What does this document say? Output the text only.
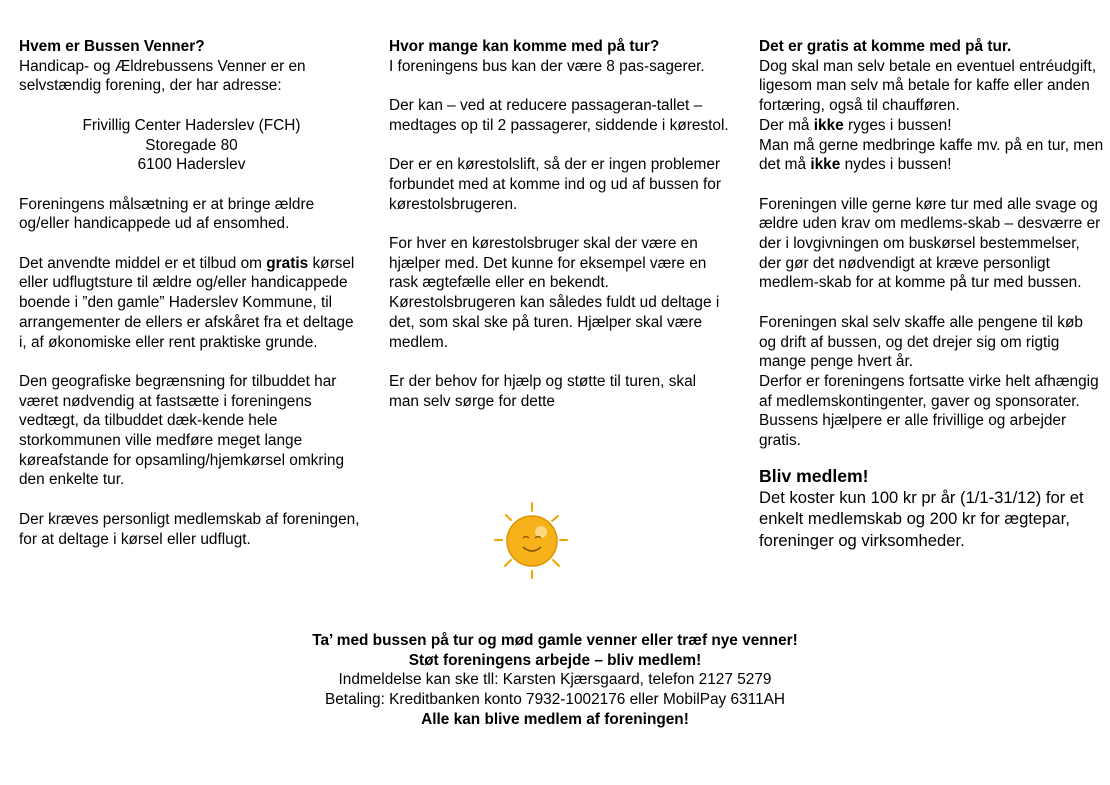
Hvem er Bussen Venner?

Handicap- og Ældrebussens Venner er en selvstændig forening, der har adresse:

Frivillig Center Haderslev (FCH)

Storegade 80

6100 Haderslev

Foreningens målsætning er at bringe ældre og/eller handicappede ud af ensomhed.

Det anvendte middel er et tilbud om gratis kørsel eller udflugtsture til ældre og/eller handicappede boende i ”den gamle” Haderslev Kommune, til arrangementer de ellers er afskåret fra et deltage i, af økonomiske eller rent praktiske grunde.

Den geografiske begrænsning for tilbuddet har været nødvendig at fastsætte i foreningens vedtægt, da tilbuddet dæk-kende hele storkommunen ville medføre meget lange køreafstande for opsamling/hjemkørsel omkring den enkelte tur.

Der kræves personligt medlemskab af foreningen, for at deltage i kørsel eller udflugt.

Hvor mange kan komme med på tur?

I foreningens bus kan der være 8 pas-sagerer.

Der kan – ved at reducere passageran-tallet – medtages op til 2 passagerer, siddende i kørestol.

Der er en kørestolslift, så der er ingen problemer forbundet med at komme ind og ud af bussen for kørestolsbrugeren.

For hver en kørestolsbruger skal der være en hjælper med. Det kunne for eksempel være en rask ægtefælle eller en bekendt. Kørestolsbrugeren kan således fuldt ud deltage i det, som skal ske på turen. Hjælper skal være medlem.

Er der behov for hjælp og støtte til turen, skal man selv sørge for dette

Det er gratis at komme med på tur.

Dog skal man selv betale en eventuel entréudgift, ligesom man selv må betale for kaffe eller anden fortæring, også til chaufføren.

Der må ikke ryges i bussen!

Man må gerne medbringe kaffe mv. på en tur, men det må ikke nydes i bussen!

Foreningen ville gerne køre tur med alle svage og ældre uden krav om medlems-skab – desværre er der i lovgivningen om buskørsel bestemmelser, der gør det nødvendigt at kræve personligt medlem-skab for at komme på tur med bussen.

Foreningen skal selv skaffe alle pengene til køb og drift af bussen, og det drejer sig om rigtig mange penge hvert år.

Derfor er foreningens fortsatte virke helt afhængig af medlemskontingenter, gaver og sponsorater.

Bussens hjælpere er alle frivillige og arbejder gratis.

Bliv medlem!

Det koster kun 100 kr pr år (1/1-31/12) for et enkelt medlemskab og 200 kr for ægtepar, foreninger og virksomheder.

Ta’ med bussen på tur og mød gamle venner eller træf nye venner!

Støt foreningens arbejde – bliv medlem!

Indmeldelse kan ske tll: Karsten Kjærsgaard, telefon 2127 5279

Betaling: Kreditbanken konto 7932-1002176 eller MobilPay 6311AH

Alle kan blive medlem af foreningen!
